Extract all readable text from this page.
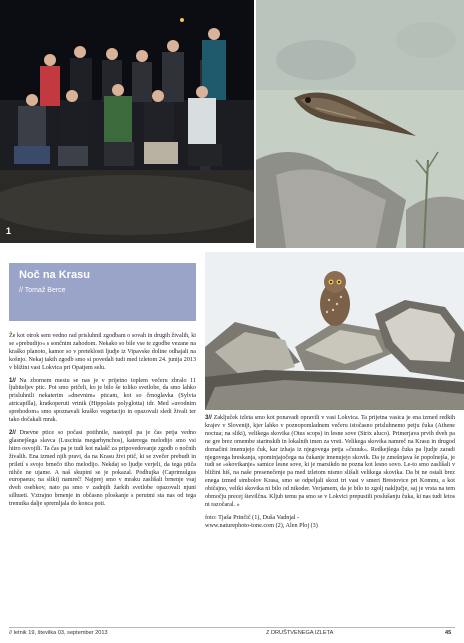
1
Noč na Krasu
// Tomaž Berce

Že kot otrok sem vedno rad prisluhnil zgodbam o sovah in drugih živalih, ki se »prebudijo« s sončnim zahodom. Nekako so bile vse te zgodbe vezane na kraško planoto, kamor so v preteklosti ljudje iz Vipavske doline odhajali na košnjo. Nekaj takih zgodb smo si povedali tudi med izletom 24. junija 2013 v bližini vasi Lokvica pri Opatjem selu.

1// Na zbornem mestu se nas je v prijetno toplem večeru zbralo 11 ljubiteljev ptic. Pot smo pričeli, ko je bilo še toliko svetlobe, da smo lahko prisluhnili nekaterim »dnevnim« pticam, kot so črnoglavka (Sylvia atricapilla), kratkoperuti vrtnik (Hippolais polyglotta) idr. Med »uvodnim sprehodom« smo spoznavali kraško vegetacijo in opazovali sledi živali ter tako dočakali mrak.

2// Dnevne ptice so počasi potihnile, nastopil pa je čas petja vedno glasnejšega slavca (Luscinia megarhynchos), katerega melodijo smo vsi hitro osvojili. Ta čas pa je tudi kot nalašč za pripovedovanje zgodb o nočnih živalih. Ena izmed njih pravi, da na Krasu živi ptič, ki se zvečer prebudi in priletí s svojo brnečo tiho melodijo. Nekdaj so ljudje verjeli, da tega ptiča nihče ne ujame. A naš skupini se je pokazal. Podhujka (Caprimulgus europaeus; na sliki) namreč! Najprej smo v mraku zaslišali brnenje vsaj dveh osebkov, nato pa smo v zadnjih žarkih svetlobe opazovali njuni silhueti. Vztrajno brnenje in občasno ploskanje s perutmi sta nas od tega trenutka dalje spremljala do konca poti.

3// Zaključek izleta smo kot ponavadi opravili v vasi Lokvica. Ta prijetna vasica je ena izmed redkih krajev v Sloveniji, kjer lahko v poznopomladnem večeru istočasno prisluhnemo petju čuka (Athene noctua; na sliki), velikega skovika (Otus scops) in lesne sove (Strix aluco). Primerjava prvih dveh pa ne gre brez omembe starinskih in lokalnih imen za vrsti. Velikega skovika namreč na Krasu in drugod domačini imenujejo čuk, kar izhaja iz njegovega petja »čuuuk«. Redkejšega čuka pa ljudje zaradi njegovega hreskanja, spominjajočega na čukanje imenujejo skovik. Da je zmešnjava še popolnejša, je tudi se »skovikanje« samice lesne sove, ki je marsikdo ne pozna kot lesno sovo. Le-to smo zaslišali v bližini hiš, na naše presenečenje pa med izletom nismo slišali velikega skovika. Da bi ne ostali brez enega izmed simbolov Krasa, smo se odpeljali skozi tri vasi v smeri Brestovice pri Komnu, a kot običajno, veliki skovika ni bilo od nikoder. Verjamem, da je bilo to zgolj naključje, saj je vrsta na tem območju precej številčna. Kljub temu pa smo se v Lokvici prepustili poslušanju čuka, ki nas tudi letos ni razočaral. »

foto: Tjaša Prinčič (1), Duša Vadnjal -
www.naturephoto-tone.com (2), Alen Ploj (3)
// letnik 19, številka 03, september 2013	Z DRUŠTVENEGA IZLETA	45
